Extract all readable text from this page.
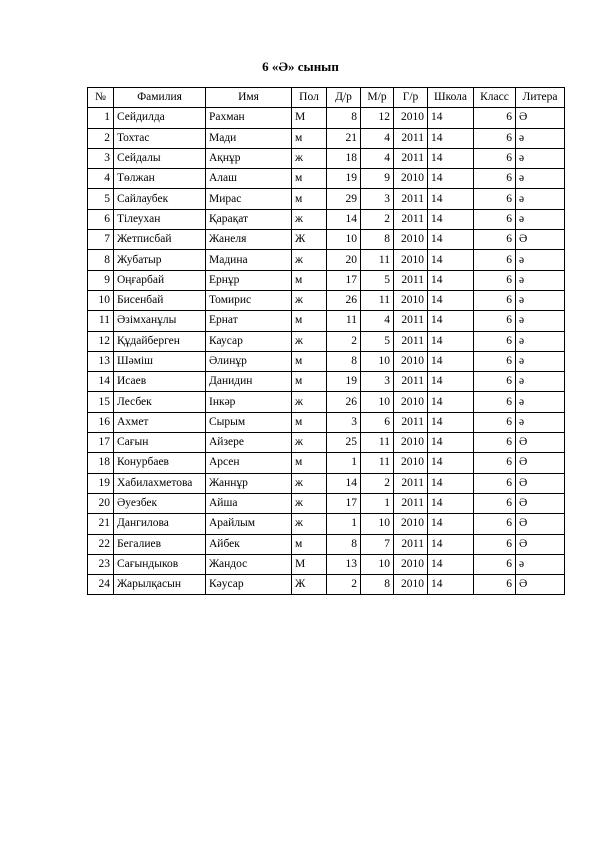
6 «Ә» сынып
№	Фамилия	Имя	Пол	Д/р	М/р	Г/р	Школа	Класс	Литера
1	Сейдилда	Рахман	М	8	12	2010	14	6	Ә
2	Тохтас	Мади	м	21	4	2011	14	6	ә
3	Сейдалы	Ақнұр	ж	18	4	2011	14	6	ә
4	Төлжан	Алаш	м	19	9	2010	14	6	ә
5	Сайлаубек	Мирас	м	29	3	2011	14	6	ә
6	Тілеухан	Қарақат	ж	14	2	2011	14	6	ә
7	Жетписбай	Жанеля	Ж	10	8	2010	14	6	Ә
8	Жубатыр	Мадина	ж	20	11	2010	14	6	ә
9	Оңғарбай	Ернұр	м	17	5	2011	14	6	ә
10	Бисенбай	Томирис	ж	26	11	2010	14	6	ә
11	Әзімханұлы	Ернат	м	11	4	2011	14	6	ә
12	Құдайберген	Каусар	ж	2	5	2011	14	6	ә
13	Шәміш	Әлинұр	м	8	10	2010	14	6	ә
14	Исаев	Данидин	м	19	3	2011	14	6	ә
15	Лесбек	Інкәр	ж	26	10	2010	14	6	ә
16	Ахмет	Сырым	м	3	6	2011	14	6	ә
17	Сағын	Айзере	ж	25	11	2010	14	6	Ә
18	Конурбаев	Арсен	м	1	11	2010	14	6	Ә
19	Хабилахметова	Жаннұр	ж	14	2	2011	14	6	Ә
20	Әуезбек	Айша	ж	17	1	2011	14	6	Ә
21	Дангилова	Арайлым	ж	1	10	2010	14	6	Ә
22	Бегалиев	Айбек	м	8	7	2011	14	6	Ә
23	Сағындыков	Жандос	М	13	10	2010	14	6	ә
24	Жарылқасын	Кәусар	Ж	2	8	2010	14	6	Ә
